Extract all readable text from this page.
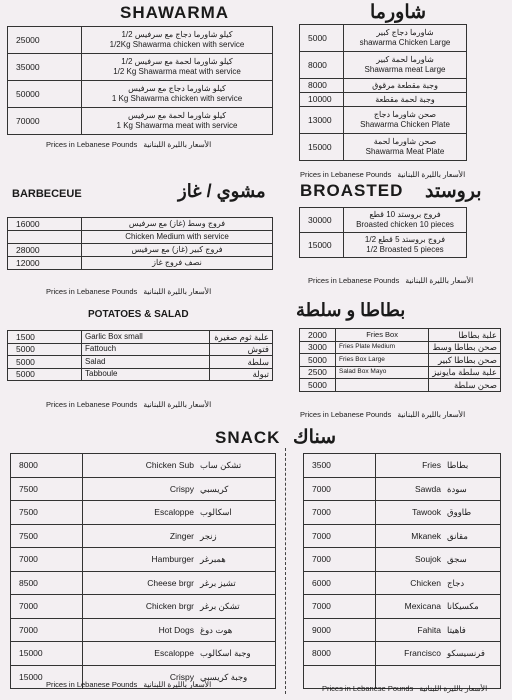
SHAWARMA	شاورما
25000	1/2 كيلو شاورما دجاج مع سرفيس
1/2Kg Shawarma chicken with service

35000	1/2 كيلو شاورما لحمة مع سرفيس
1/2 Kg Shawarma meat with service

50000	كيلو شاورما دجاج مع سرفيس
1 Kg Shawarma chicken with service

70000	كيلو شاورما لحمة مع سرفيس
1 Kg Shawarma meat with service
Prices in Lebanese Pounds الأسعار بالليرة اللبنانية
5000	شاورما دجاج كبير
shawarma Chicken Large

8000	شاورما لحمة كبير
Shawarma meat Large

8000	وجبة مقطعة مرقوق

10000	وجبة لحمة مقطعة

13000	صحن شاورما دجاج
Shawarma Chicken Plate

15000	صحن شاورما لحمة
Shawarma Meat Plate
Prices in Lebanese Pounds الأسعار بالليرة اللبنانية
BARBECEUE	مشوي / غاز
16000	فروج وسط (غاز) مع سرفيس
	Chicken Medium with service
28000	فروج كبير (غاز) مع سرفيس
12000	نصف فروج غاز
Prices in Lebanese Pounds الأسعار بالليرة اللبنانية
BROASTED بروستد
30000	فروج بروستد 10 قطع
Broasted chicken 10 pieces

15000	1/2 فروج بروستد 5 قطع
1/2 Broasted 5 pieces
Prices in Lebanese Pounds الأسعار بالليرة اللبنانية
POTATOES & SALAD	بطاطا و سلطة
1500	Garlic Box small	علبة ثوم صغيرة
5000	Fattouch	فتوش
5000	Salad	سلطة
5000	Tabboule	تبولة
Prices in Lebanese Pounds الأسعار بالليرة اللبنانية
2000	Fries Box	علبة بطاطا
3000	Fries Plate Medium	صحن بطاطا وسط
5000	Fries Box Large	صحن بطاطا كبير
2500	Salad Box Mayo	علبة سلطة مايونيز
5000		صحن سلطة
Prices in Lebanese Pounds الأسعار بالليرة اللبنانية
SNACK سناك
8000		Chicken Sub	تشكن ساب
7500		Crispy	كريسبي
7500		Escaloppe	اسكالوب
7500		Zinger	زنجر
7000		Hamburger	همبرغر
8500		Cheese brgr	تشيز برغر
7000		Chicken brgr	تشكن برغر
7000		Hot Dogs	هوت دوغ
15000		Escaloppe	وجبة اسكالوب
15000		Crispy	وجبة كريسبي
3500	Fries	بطاطا
7000	Sawda	سودة
7000	Tawook	طاووق
7000	Mkanek	مقانق
7000	Soujok	سجق
6000	Chicken	دجاج
7000	Mexicana	مكسيكانا
9000	Fahita	فاهيتا
8000	Francisco	فرنسيسكو

Prices in Lebanese Pounds الأسعار بالليرة اللبنانية	Prices in Lebanese Pounds الأسعار بالليرة اللبنانية
